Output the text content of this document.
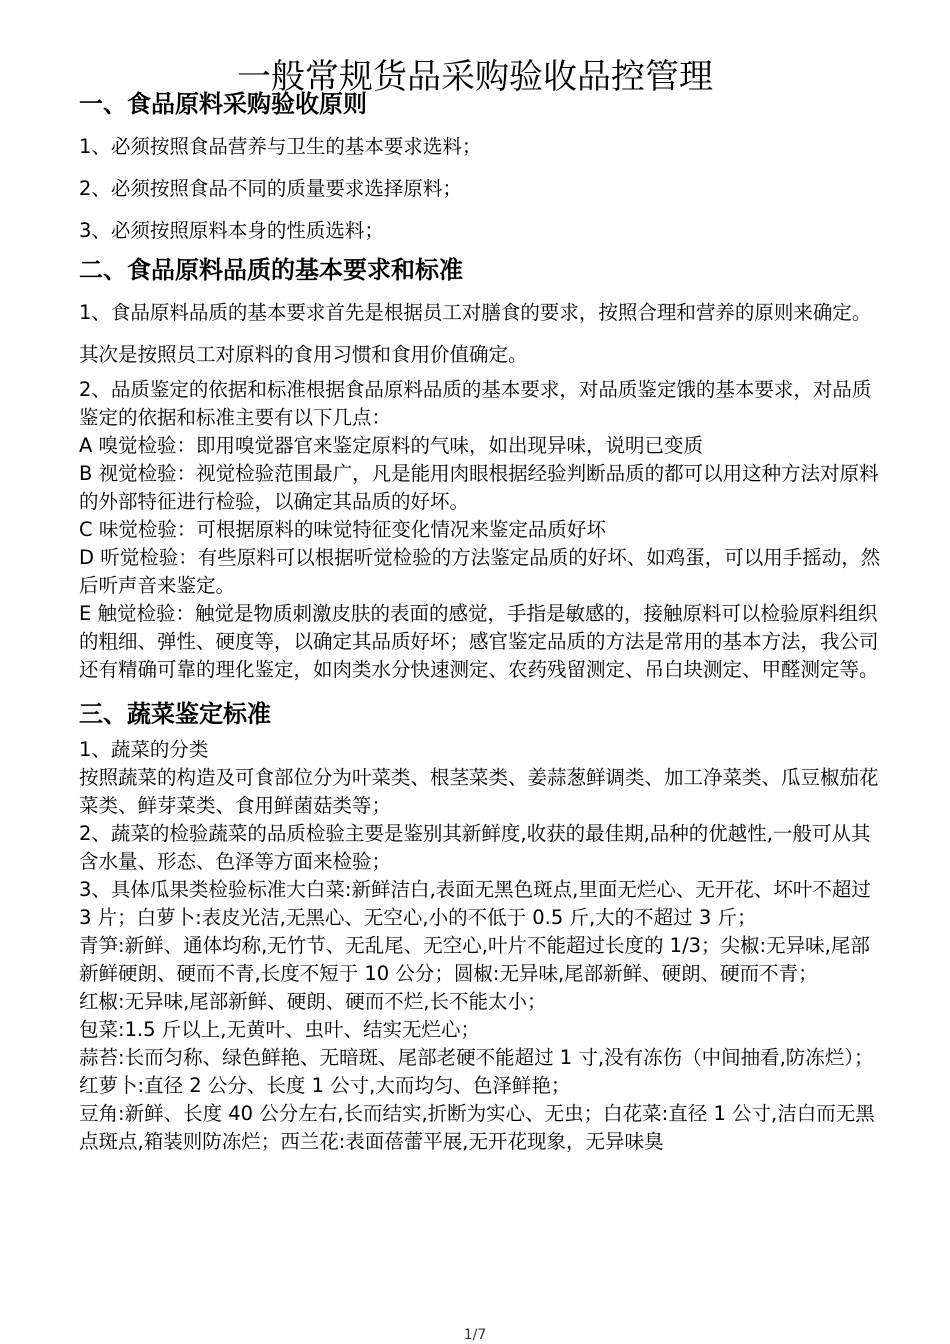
一般常规货品采购验收品控管理
一、食品原料采购验收原则

1、必须按照食品营养与卫生的基本要求选料；

2、必须按照食品不同的质量要求选择原料；

3、必须按照原料本身的性质选料；

二、食品原料品质的基本要求和标准

1、食品原料品质的基本要求首先是根据员工对膳食的要求，按照合理和营养的原则来确定。其次是按照员工对原料的食用习惯和食用价值确定。

2、品质鉴定的依据和标准根据食品原料品质的基本要求，对品质鉴定饿的基本要求，对品质鉴定的依据和标准主要有以下几点：

A 嗅觉检验：即用嗅觉器官来鉴定原料的气味，如出现异味，说明已变质

B 视觉检验：视觉检验范围最广，凡是能用肉眼根据经验判断品质的都可以用这种方法对原料的外部特征进行检验，以确定其品质的好坏。

C 味觉检验：可根据原料的味觉特征变化情况来鉴定品质好坏

D 听觉检验：有些原料可以根据听觉检验的方法鉴定品质的好坏、如鸡蛋，可以用手摇动，然后听声音来鉴定。

E 触觉检验：触觉是物质刺激皮肤的表面的感觉，手指是敏感的，接触原料可以检验原料组织的粗细、弹性、硬度等，以确定其品质好坏；感官鉴定品质的方法是常用的基本方法，我公司还有精确可靠的理化鉴定，如肉类水分快速测定、农药残留测定、吊白块测定、甲醛测定等。

三、蔬菜鉴定标准

1、蔬菜的分类

按照蔬菜的构造及可食部位分为叶菜类、根茎菜类、姜蒜葱鲜调类、加工净菜类、瓜豆椒茄花菜类、鲜芽菜类、食用鲜菌菇类等；

2、蔬菜的检验蔬菜的品质检验主要是鉴别其新鲜度,收获的最佳期,品种的优越性,一般可从其含水量、形态、色泽等方面来检验；

3、具体瓜果类检验标准大白菜:新鲜洁白,表面无黑色斑点,里面无烂心、无开花、坏叶不超过 3 片；白萝卜:表皮光洁,无黑心、无空心,小的不低于 0.5 斤,大的不超过 3 斤；

青笋:新鲜、通体均称,无竹节、无乱尾、无空心,叶片不能超过长度的 1/3；尖椒:无异味,尾部新鲜硬朗、硬而不青,长度不短于 10 公分；圆椒:无异味,尾部新鲜、硬朗、硬而不青；

红椒:无异味,尾部新鲜、硬朗、硬而不烂,长不能太小；

包菜:1.5 斤以上,无黄叶、虫叶、结实无烂心；

蒜苔:长而匀称、绿色鲜艳、无暗斑、尾部老硬不能超过 1 寸,没有冻伤（中间抽看,防冻烂）；

红萝卜:直径 2 公分、长度 1 公寸,大而均匀、色泽鲜艳；

豆角:新鲜、长度 40 公分左右,长而结实,折断为实心、无虫；白花菜:直径 1 公寸,洁白而无黑点斑点,箱装则防冻烂；西兰花:表面蓓蕾平展,无开花现象，无异味臭

1/7
